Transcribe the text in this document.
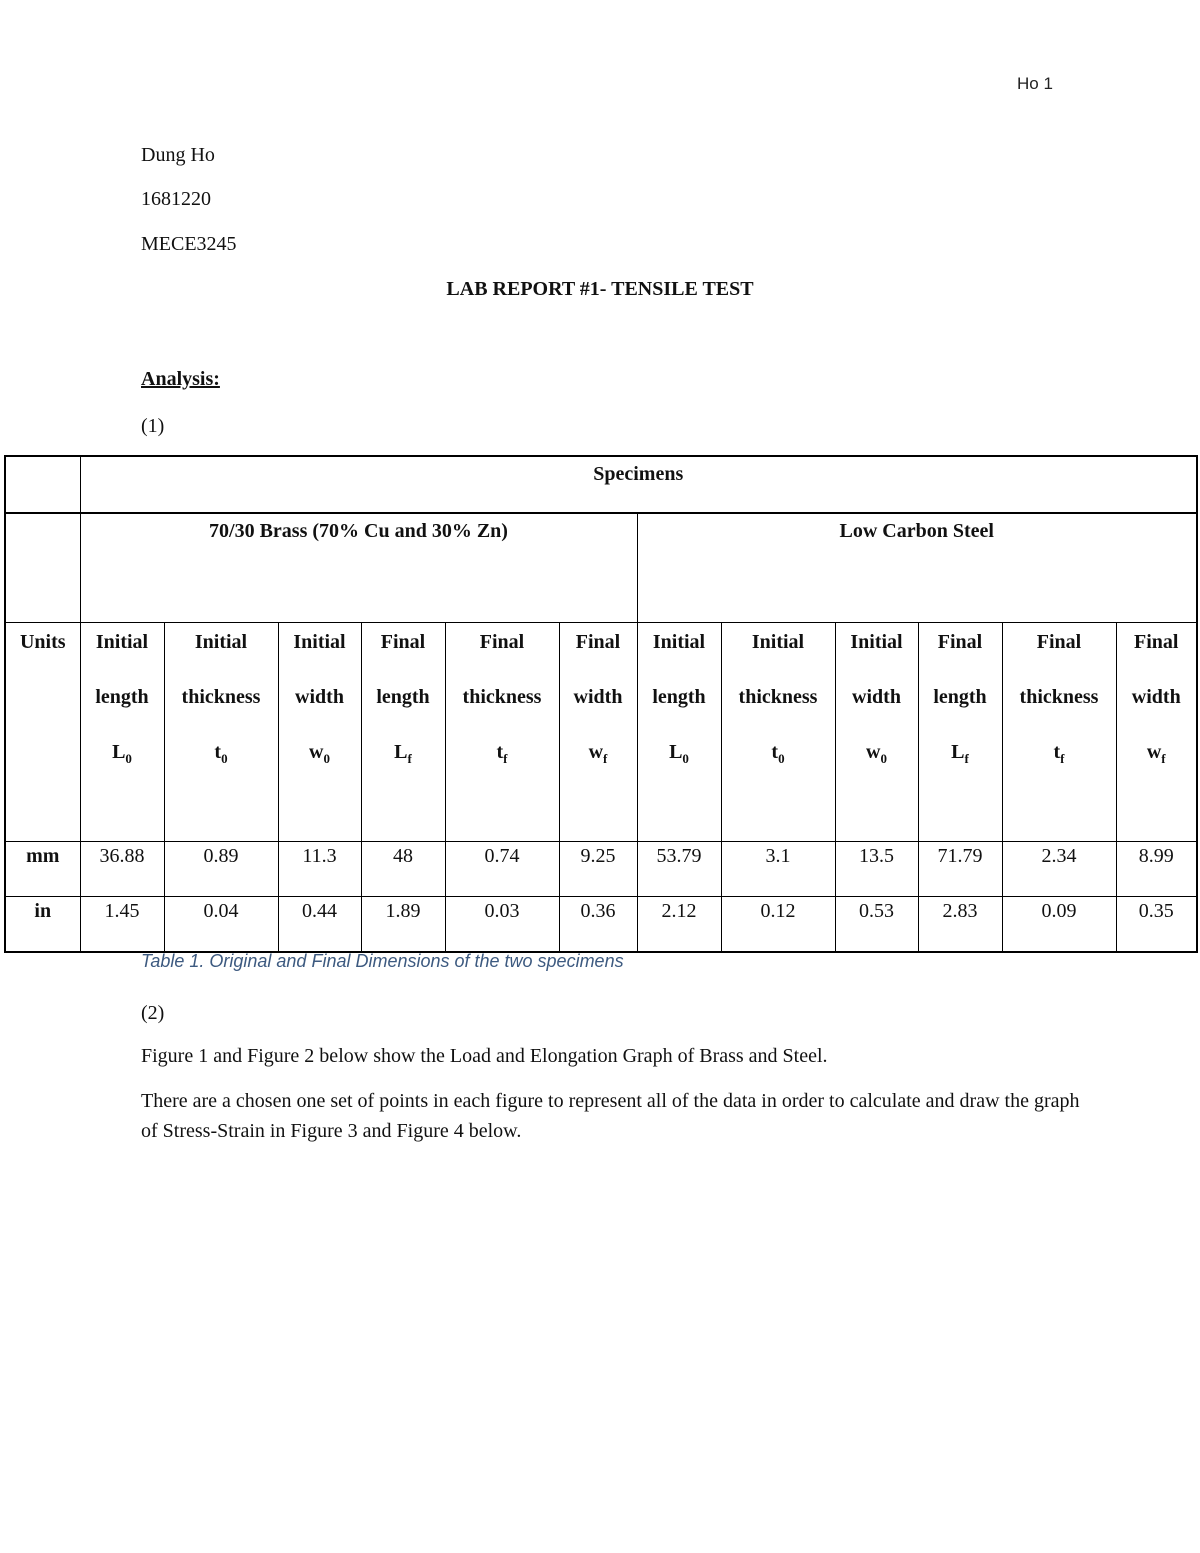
Ho 1
Dung Ho
1681220
MECE3245
LAB REPORT #1- TENSILE TEST
Analysis:
(1)

	Specimens											

	70/30 Brass (70% Cu and 30% Zn)						Low Carbon Steel					

Units	Initial
length
$L_0$	Initial
thickness
$t_0$	Initial
width
$w_0$	Final
length
$L_f$	Final
thickness
$t_f$	Final
width
$w_f$	Initial
length
$L_0$	Initial
thickness
$t_0$	Initial
width
$w_0$	Final
length
$L_f$	Final
thickness
$t_f$	Final
width
$w_f$

mm	36.88	0.89	11.3	48	0.74	9.25	53.79	3.1	13.5	71.79	2.34	8.99

in	1.45	0.04	0.44	1.89	0.03	0.36	2.12	0.12	0.53	2.83	0.09	0.35
Table 1. Original and Final Dimensions of the two specimens
(2)
Figure 1 and Figure 2 below show the Load and Elongation Graph of Brass and Steel.
There are a chosen one set of points in each figure to represent all of the data in order to calculate and draw the graph of Stress-Strain in Figure 3 and Figure 4 below.
